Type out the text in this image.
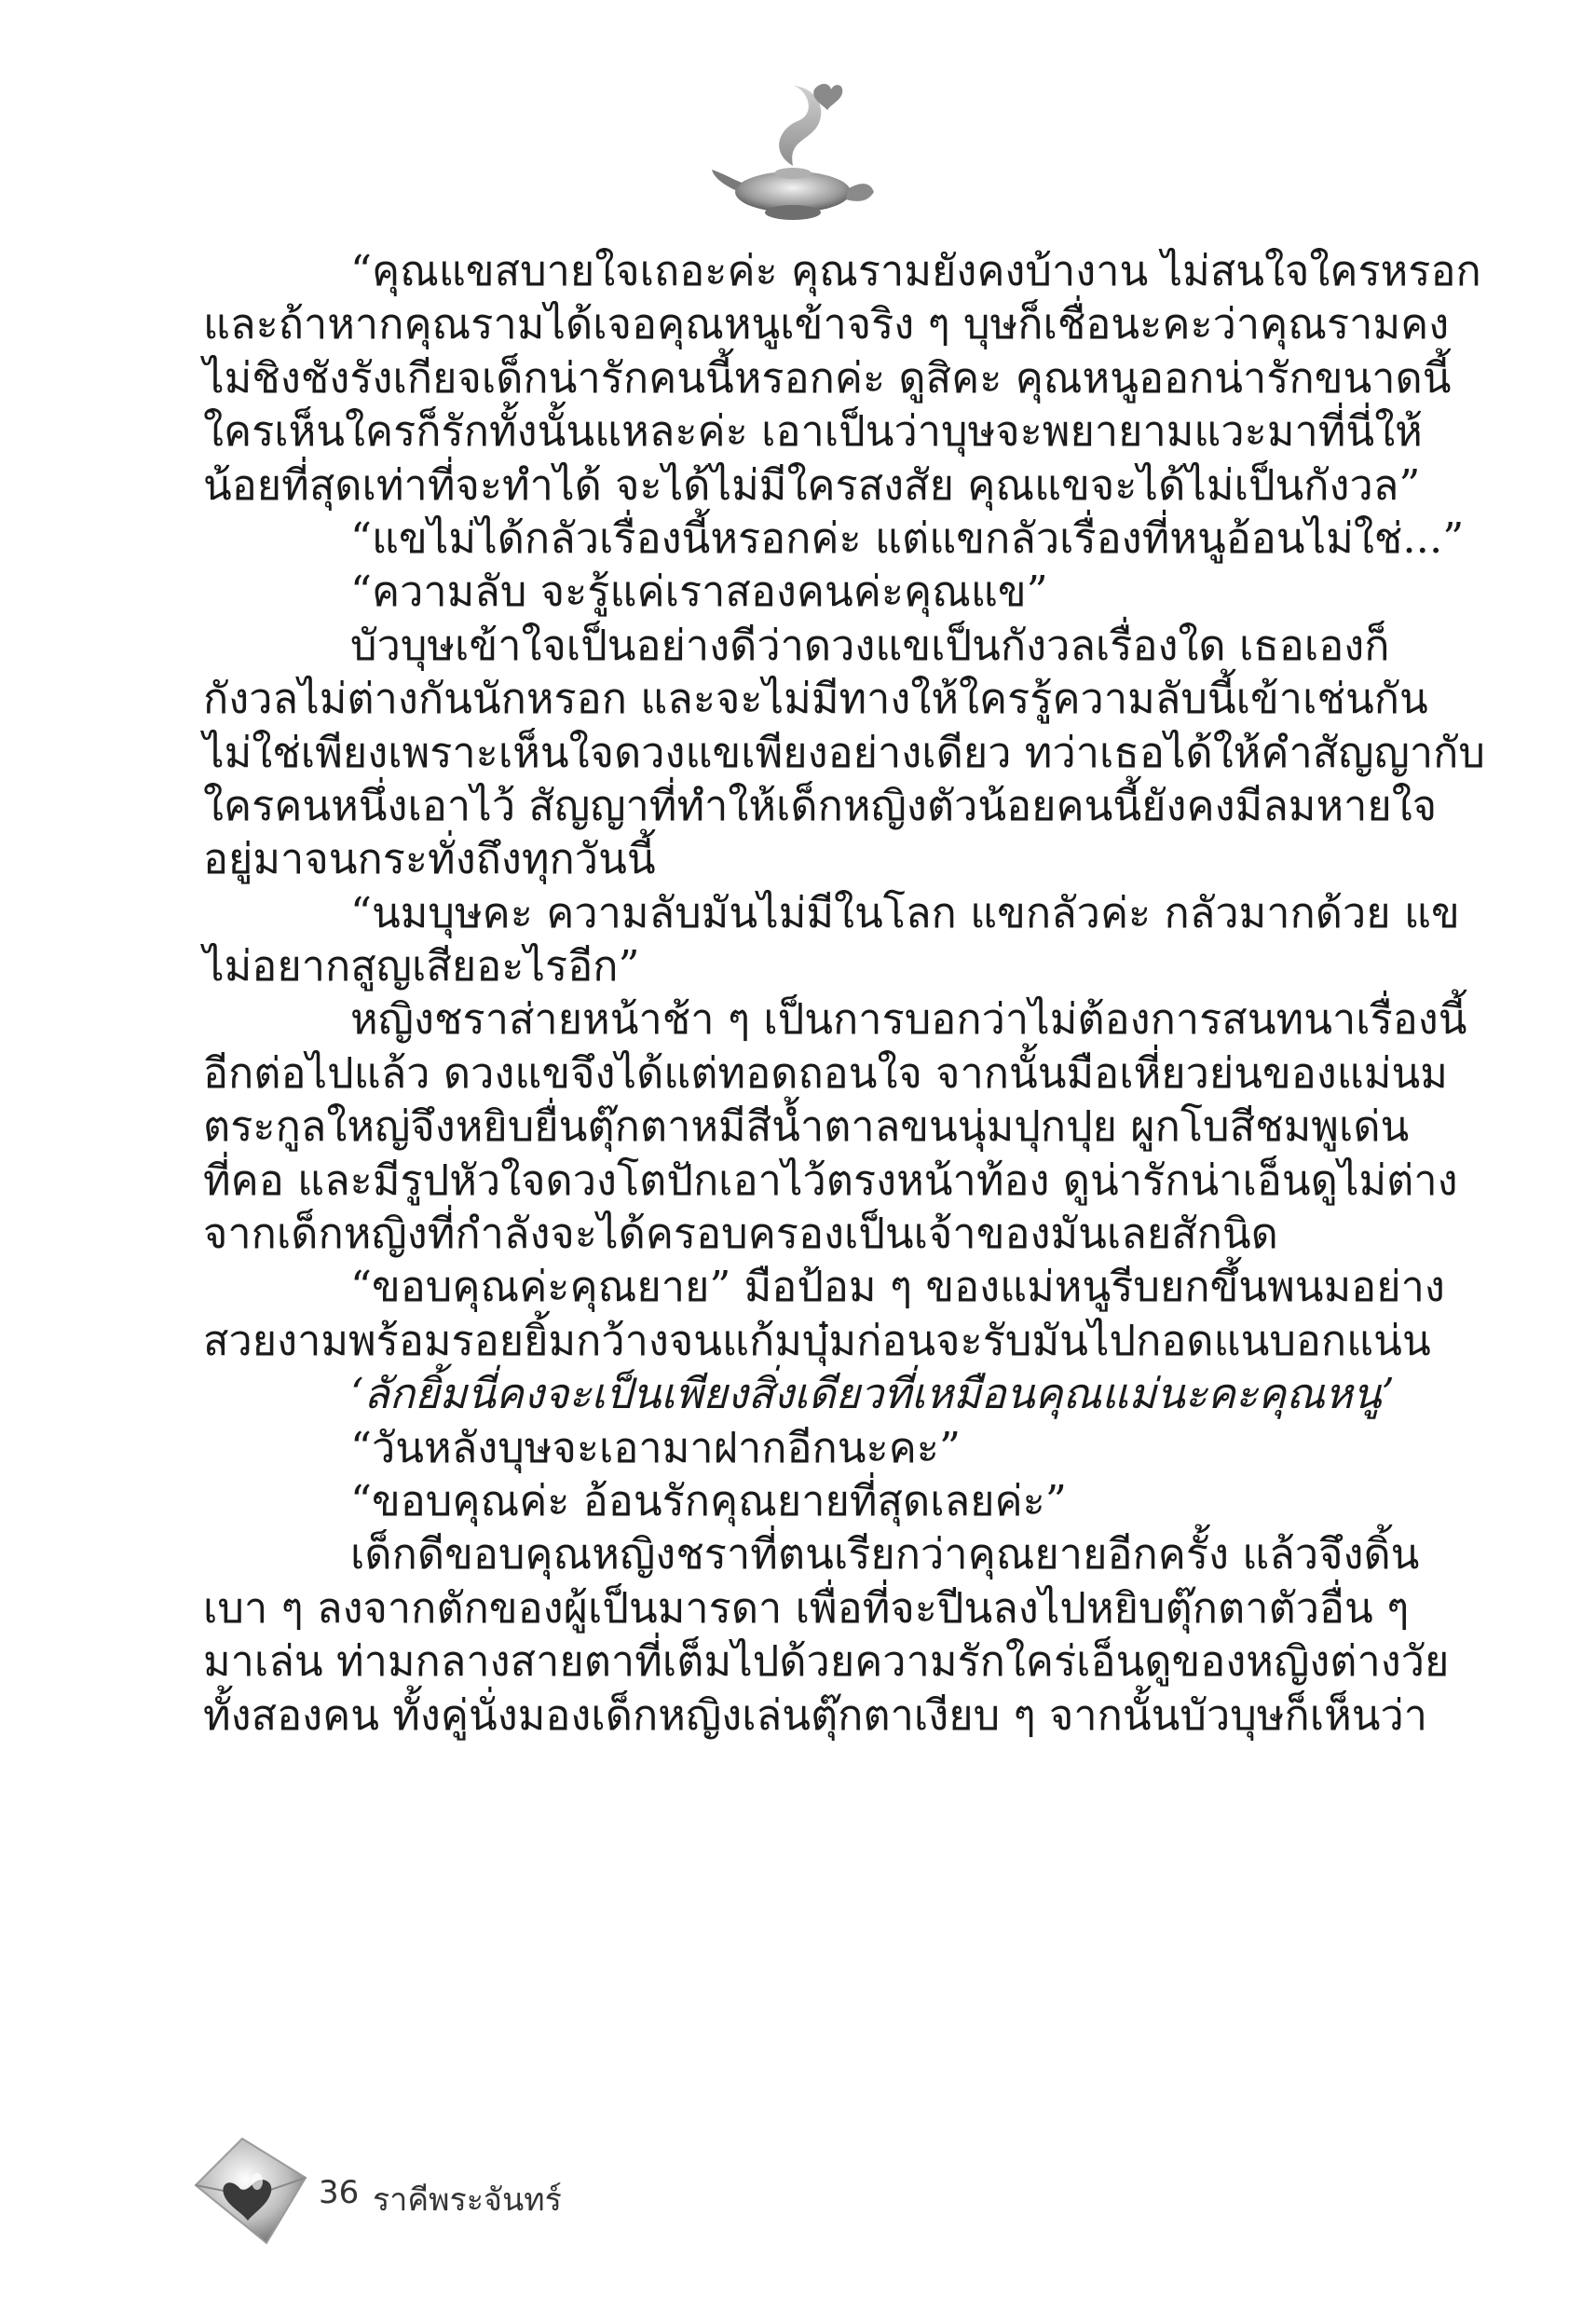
“คุณแขสบายใจเถอะค่ะ คุณรามยังคงบ้างาน ไม่สนใจใครหรอก
และถ้าหากคุณรามได้เจอคุณหนูเข้าจริง ๆ บุษก็เชื่อนะคะว่าคุณรามคง
ไม่ชิงชังรังเกียจเด็กน่ารักคนนี้หรอกค่ะ ดูสิคะ คุณหนูออกน่ารักขนาดนี้
ใครเห็นใครก็รักทั้งนั้นแหละค่ะ เอาเป็นว่าบุษจะพยายามแวะมาที่นี่ให้
น้อยที่สุดเท่าที่จะทำได้ จะได้ไม่มีใครสงสัย คุณแขจะได้ไม่เป็นกังวล”
“แขไม่ได้กลัวเรื่องนี้หรอกค่ะ แต่แขกลัวเรื่องที่หนูอ้อนไม่ใช่...”
“ความลับ จะรู้แค่เราสองคนค่ะคุณแข”
บัวบุษเข้าใจเป็นอย่างดีว่าดวงแขเป็นกังวลเรื่องใด เธอเองก็
กังวลไม่ต่างกันนักหรอก และจะไม่มีทางให้ใครรู้ความลับนี้เข้าเช่นกัน
ไม่ใช่เพียงเพราะเห็นใจดวงแขเพียงอย่างเดียว ทว่าเธอได้ให้คำสัญญากับ
ใครคนหนึ่งเอาไว้ สัญญาที่ทำให้เด็กหญิงตัวน้อยคนนี้ยังคงมีลมหายใจ
อยู่มาจนกระทั่งถึงทุกวันนี้
“นมบุษคะ ความลับมันไม่มีในโลก แขกลัวค่ะ กลัวมากด้วย แข
ไม่อยากสูญเสียอะไรอีก”
หญิงชราส่ายหน้าช้า ๆ เป็นการบอกว่าไม่ต้องการสนทนาเรื่องนี้
อีกต่อไปแล้ว ดวงแขจึงได้แต่ทอดถอนใจ จากนั้นมือเหี่ยวย่นของแม่นม
ตระกูลใหญ่จึงหยิบยื่นตุ๊กตาหมีสีน้ำตาลขนนุ่มปุกปุย ผูกโบสีชมพูเด่น
ที่คอ และมีรูปหัวใจดวงโตปักเอาไว้ตรงหน้าท้อง ดูน่ารักน่าเอ็นดูไม่ต่าง
จากเด็กหญิงที่กำลังจะได้ครอบครองเป็นเจ้าของมันเลยสักนิด
“ขอบคุณค่ะคุณยาย” มือป้อม ๆ ของแม่หนูรีบยกขึ้นพนมอย่าง
สวยงามพร้อมรอยยิ้มกว้างจนแก้มบุ๋มก่อนจะรับมันไปกอดแนบอกแน่น
‘ลักยิ้มนี่คงจะเป็นเพียงสิ่งเดียวที่เหมือนคุณแม่นะคะคุณหนู’
“วันหลังบุษจะเอามาฝากอีกนะคะ”
“ขอบคุณค่ะ อ้อนรักคุณยายที่สุดเลยค่ะ”
เด็กดีขอบคุณหญิงชราที่ตนเรียกว่าคุณยายอีกครั้ง แล้วจึงดิ้น
เบา ๆ ลงจากตักของผู้เป็นมารดา เพื่อที่จะปีนลงไปหยิบตุ๊กตาตัวอื่น ๆ
มาเล่น ท่ามกลางสายตาที่เต็มไปด้วยความรักใคร่เอ็นดูของหญิงต่างวัย
ทั้งสองคน ทั้งคู่นั่งมองเด็กหญิงเล่นตุ๊กตาเงียบ ๆ จากนั้นบัวบุษก็เห็นว่า
36 ราคีพระจันทร์
